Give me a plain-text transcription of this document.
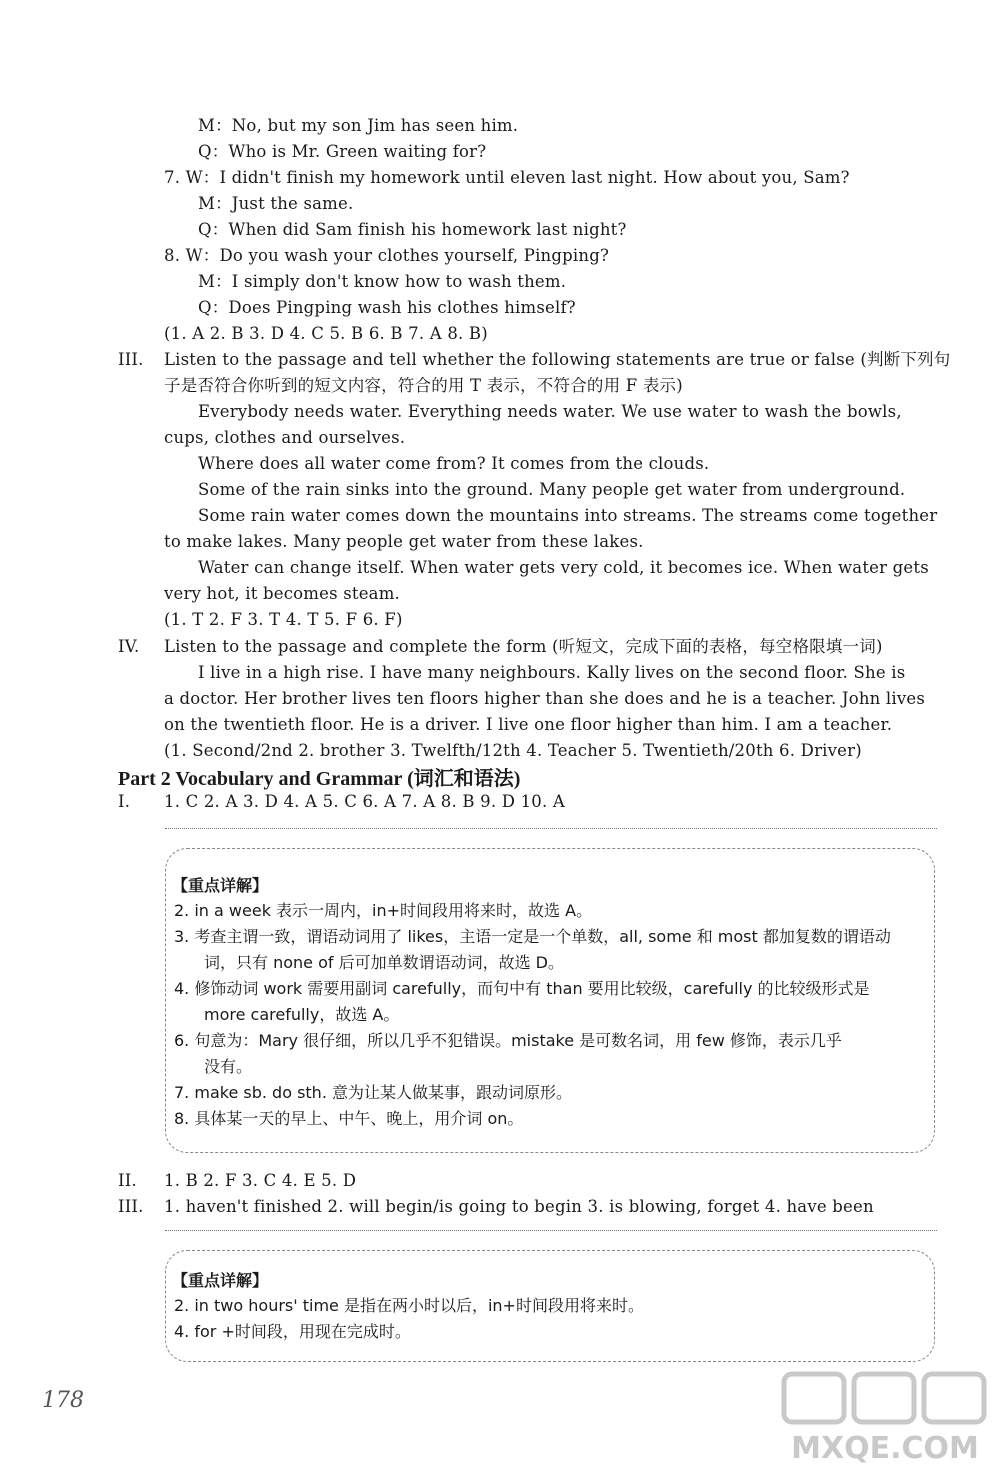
M：No, but my son Jim has seen him.
Q：Who is Mr. Green waiting for?
7. W：I didn't finish my homework until eleven last night. How about you, Sam?
M：Just the same.
Q：When did Sam finish his homework last night?
8. W：Do you wash your clothes yourself, Pingping?
M：I simply don't know how to wash them.
Q：Does Pingping wash his clothes himself?
(1. A 2. B 3. D 4. C 5. B 6. B 7. A 8. B)
III. Listen to the passage and tell whether the following statements are true or false (判断下列句
子是否符合你听到的短文内容，符合的用 T 表示，不符合的用 F 表示)
Everybody needs water. Everything needs water. We use water to wash the bowls,
cups, clothes and ourselves.
Where does all water come from? It comes from the clouds.
Some of the rain sinks into the ground. Many people get water from underground.
Some rain water comes down the mountains into streams. The streams come together
to make lakes. Many people get water from these lakes.
Water can change itself. When water gets very cold, it becomes ice. When water gets
very hot, it becomes steam.
(1. T 2. F 3. T 4. T 5. F 6. F)
IV. Listen to the passage and complete the form (听短文，完成下面的表格，每空格限填一词)
I live in a high rise. I have many neighbours. Kally lives on the second floor. She is
a doctor. Her brother lives ten floors higher than she does and he is a teacher. John lives
on the twentieth floor. He is a driver. I live one floor higher than him. I am a teacher.
(1. Second/2nd 2. brother 3. Twelfth/12th 4. Teacher 5. Twentieth/20th 6. Driver)
Part 2 Vocabulary and Grammar (词汇和语法)
I. 1. C 2. A 3. D 4. A 5. C 6. A 7. A 8. B 9. D 10. A
【重点详解】
2. in a week 表示一周内，in+时间段用将来时，故选 A。
3. 考查主谓一致，谓语动词用了 likes，主语一定是一个单数，all, some 和 most 都加复数的谓语动
词，只有 none of 后可加单数谓语动词，故选 D。
4. 修饰动词 work 需要用副词 carefully，而句中有 than 要用比较级，carefully 的比较级形式是
more carefully，故选 A。
6. 句意为：Mary 很仔细，所以几乎不犯错误。mistake 是可数名词，用 few 修饰，表示几乎
没有。
7. make sb. do sth. 意为让某人做某事，跟动词原形。
8. 具体某一天的早上、中午、晚上，用介词 on。
II. 1. B 2. F 3. C 4. E 5. D
III. 1. haven't finished 2. will begin/is going to begin 3. is blowing, forget 4. have been
【重点详解】
2. in two hours' time 是指在两小时以后，in+时间段用将来时。
4. for +时间段，用现在完成时。
178
MXQE.COM
